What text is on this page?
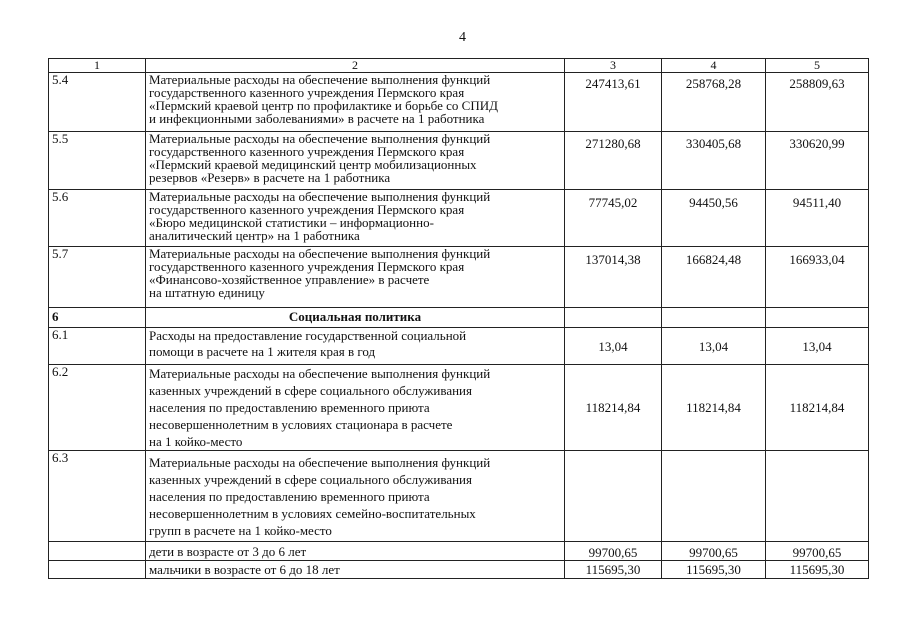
4
1	2	3	4	5
5.4	Материальные расходы на обеспечение выполнения функций
государственного казенного учреждения Пермского края
«Пермский краевой центр по профилактике и борьбе со СПИД
и инфекционными заболеваниями» в расчете на 1 работника	247413,61	258768,28	258809,63
5.5	Материальные расходы на обеспечение выполнения функций
государственного казенного учреждения Пермского края
«Пермский краевой медицинский центр мобилизационных
резервов «Резерв» в расчете на 1 работника	271280,68	330405,68	330620,99
5.6	Материальные расходы на обеспечение выполнения функций
государственного казенного учреждения Пермского края
«Бюро медицинской статистики – информационно-
аналитический центр» на 1 работника	77745,02	94450,56	94511,40
5.7	Материальные расходы на обеспечение выполнения функций
государственного казенного учреждения Пермского края
«Финансово-хозяйственное управление» в расчете
на штатную единицу	137014,38	166824,48	166933,04
6	Социальная политика			
6.1	Расходы на предоставление государственной социальной
помощи в расчете на 1 жителя края в год	13,04	13,04	13,04
6.2	Материальные расходы на обеспечение выполнения функций
казенных учреждений в сфере социального обслуживания
населения по предоставлению временного приюта
несовершеннолетним в условиях стационара в расчете
на 1 койко-место	118214,84	118214,84	118214,84
6.3	Материальные расходы на обеспечение выполнения функций
казенных учреждений в сфере социального обслуживания
населения по предоставлению временного приюта
несовершеннолетним в условиях семейно-воспитательных
групп в расчете на 1 койко-место			
	дети в возрасте от 3 до 6 лет	99700,65	99700,65	99700,65
	мальчики в возрасте от 6 до 18 лет	115695,30	115695,30	115695,30
